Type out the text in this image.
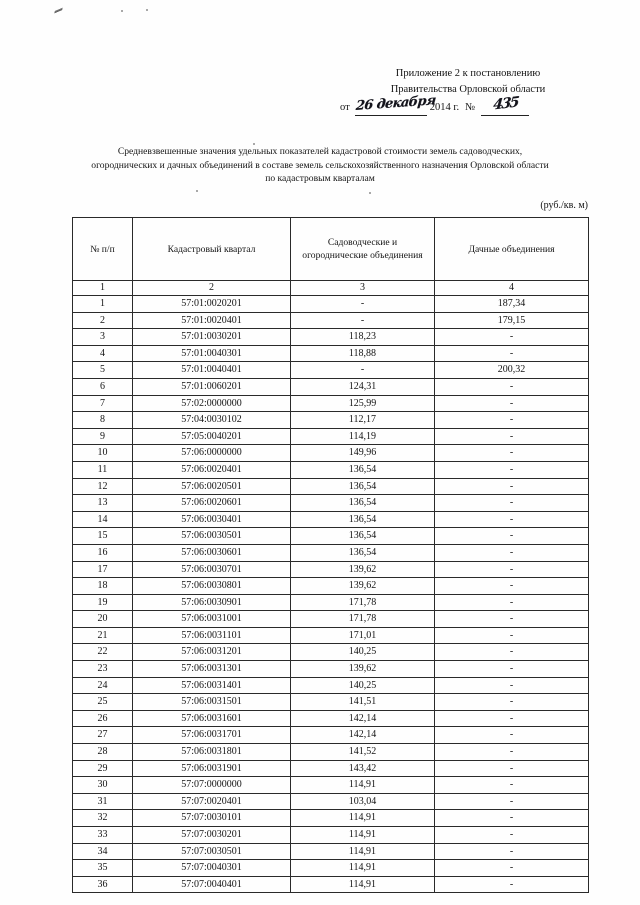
Приложение 2 к постановлению
Правительства Орловской области
от 26 декабря
2014 г. №	435
Средневзвешенные значения удельных показателей кадастровой стоимости земель садоводческих,
огороднических и дачных объединений в составе земель сельскохозяйственного назначения Орловской области
по кадастровым кварталам
(руб./кв. м)
№ п/п	Кадастровый квартал	Садоводческие и
огороднические объединения	Дачные объединения
1	2	3	4
1	57:01:0020201	-	187,34
2	57:01:0020401	-	179,15
3	57:01:0030201	118,23	-
4	57:01:0040301	118,88	-
5	57:01:0040401	-	200,32
6	57:01:0060201	124,31	-
7	57:02:0000000	125,99	-
8	57:04:0030102	112,17	-
9	57:05:0040201	114,19	-
10	57:06:0000000	149,96	-
11	57:06:0020401	136,54	-
12	57:06:0020501	136,54	-
13	57:06:0020601	136,54	-
14	57:06:0030401	136,54	-
15	57:06:0030501	136,54	-
16	57:06:0030601	136,54	-
17	57:06:0030701	139,62	-
18	57:06:0030801	139,62	-
19	57:06:0030901	171,78	-
20	57:06:0031001	171,78	-
21	57:06:0031101	171,01	-
22	57:06:0031201	140,25	-
23	57:06:0031301	139,62	-
24	57:06:0031401	140,25	-
25	57:06:0031501	141,51	-
26	57:06:0031601	142,14	-
27	57:06:0031701	142,14	-
28	57:06:0031801	141,52	-
29	57:06:0031901	143,42	-
30	57:07:0000000	114,91	-
31	57:07:0020401	103,04	-
32	57:07:0030101	114,91	-
33	57:07:0030201	114,91	-
34	57:07:0030501	114,91	-
35	57:07:0040301	114,91	-
36	57:07:0040401	114,91	-
